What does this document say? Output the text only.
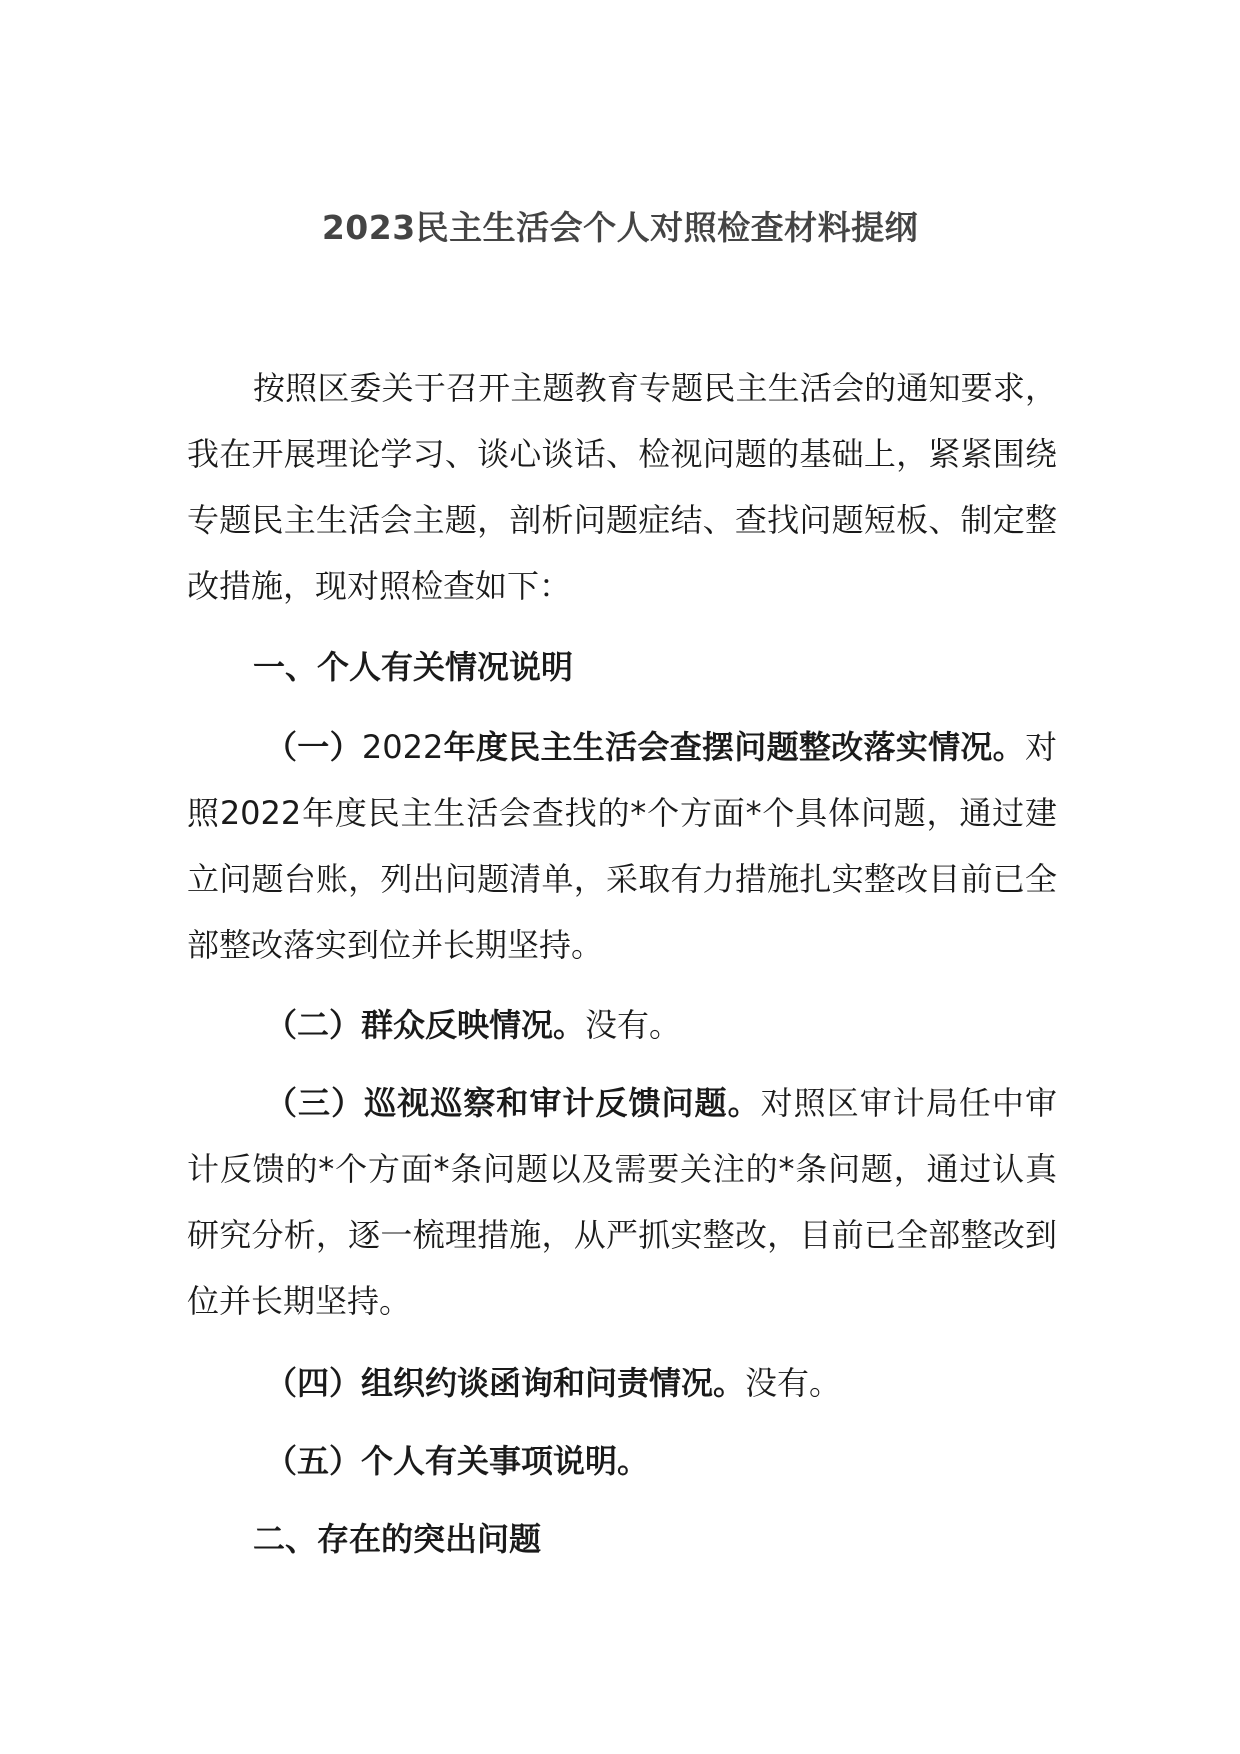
2023民主生活会个人对照检查材料提纲

按照区委关于召开主题教育专题民主生活会的通知要求，我在开展理论学习、谈心谈话、检视问题的基础上，紧紧围绕专题民主生活会主题，剖析问题症结、查找问题短板、制定整改措施，现对照检查如下：

一、个人有关情况说明

（一）2022年度民主生活会查摆问题整改落实情况。对照2022年度民主生活会查找的*个方面*个具体问题，通过建立问题台账，列出问题清单，采取有力措施扎实整改目前已全部整改落实到位并长期坚持。

（二）群众反映情况。没有。

（三）巡视巡察和审计反馈问题。对照区审计局任中审计反馈的*个方面*条问题以及需要关注的*条问题，通过认真研究分析，逐一梳理措施，从严抓实整改，目前已全部整改到位并长期坚持。

（四）组织约谈函询和问责情况。没有。

（五）个人有关事项说明。

二、存在的突出问题
